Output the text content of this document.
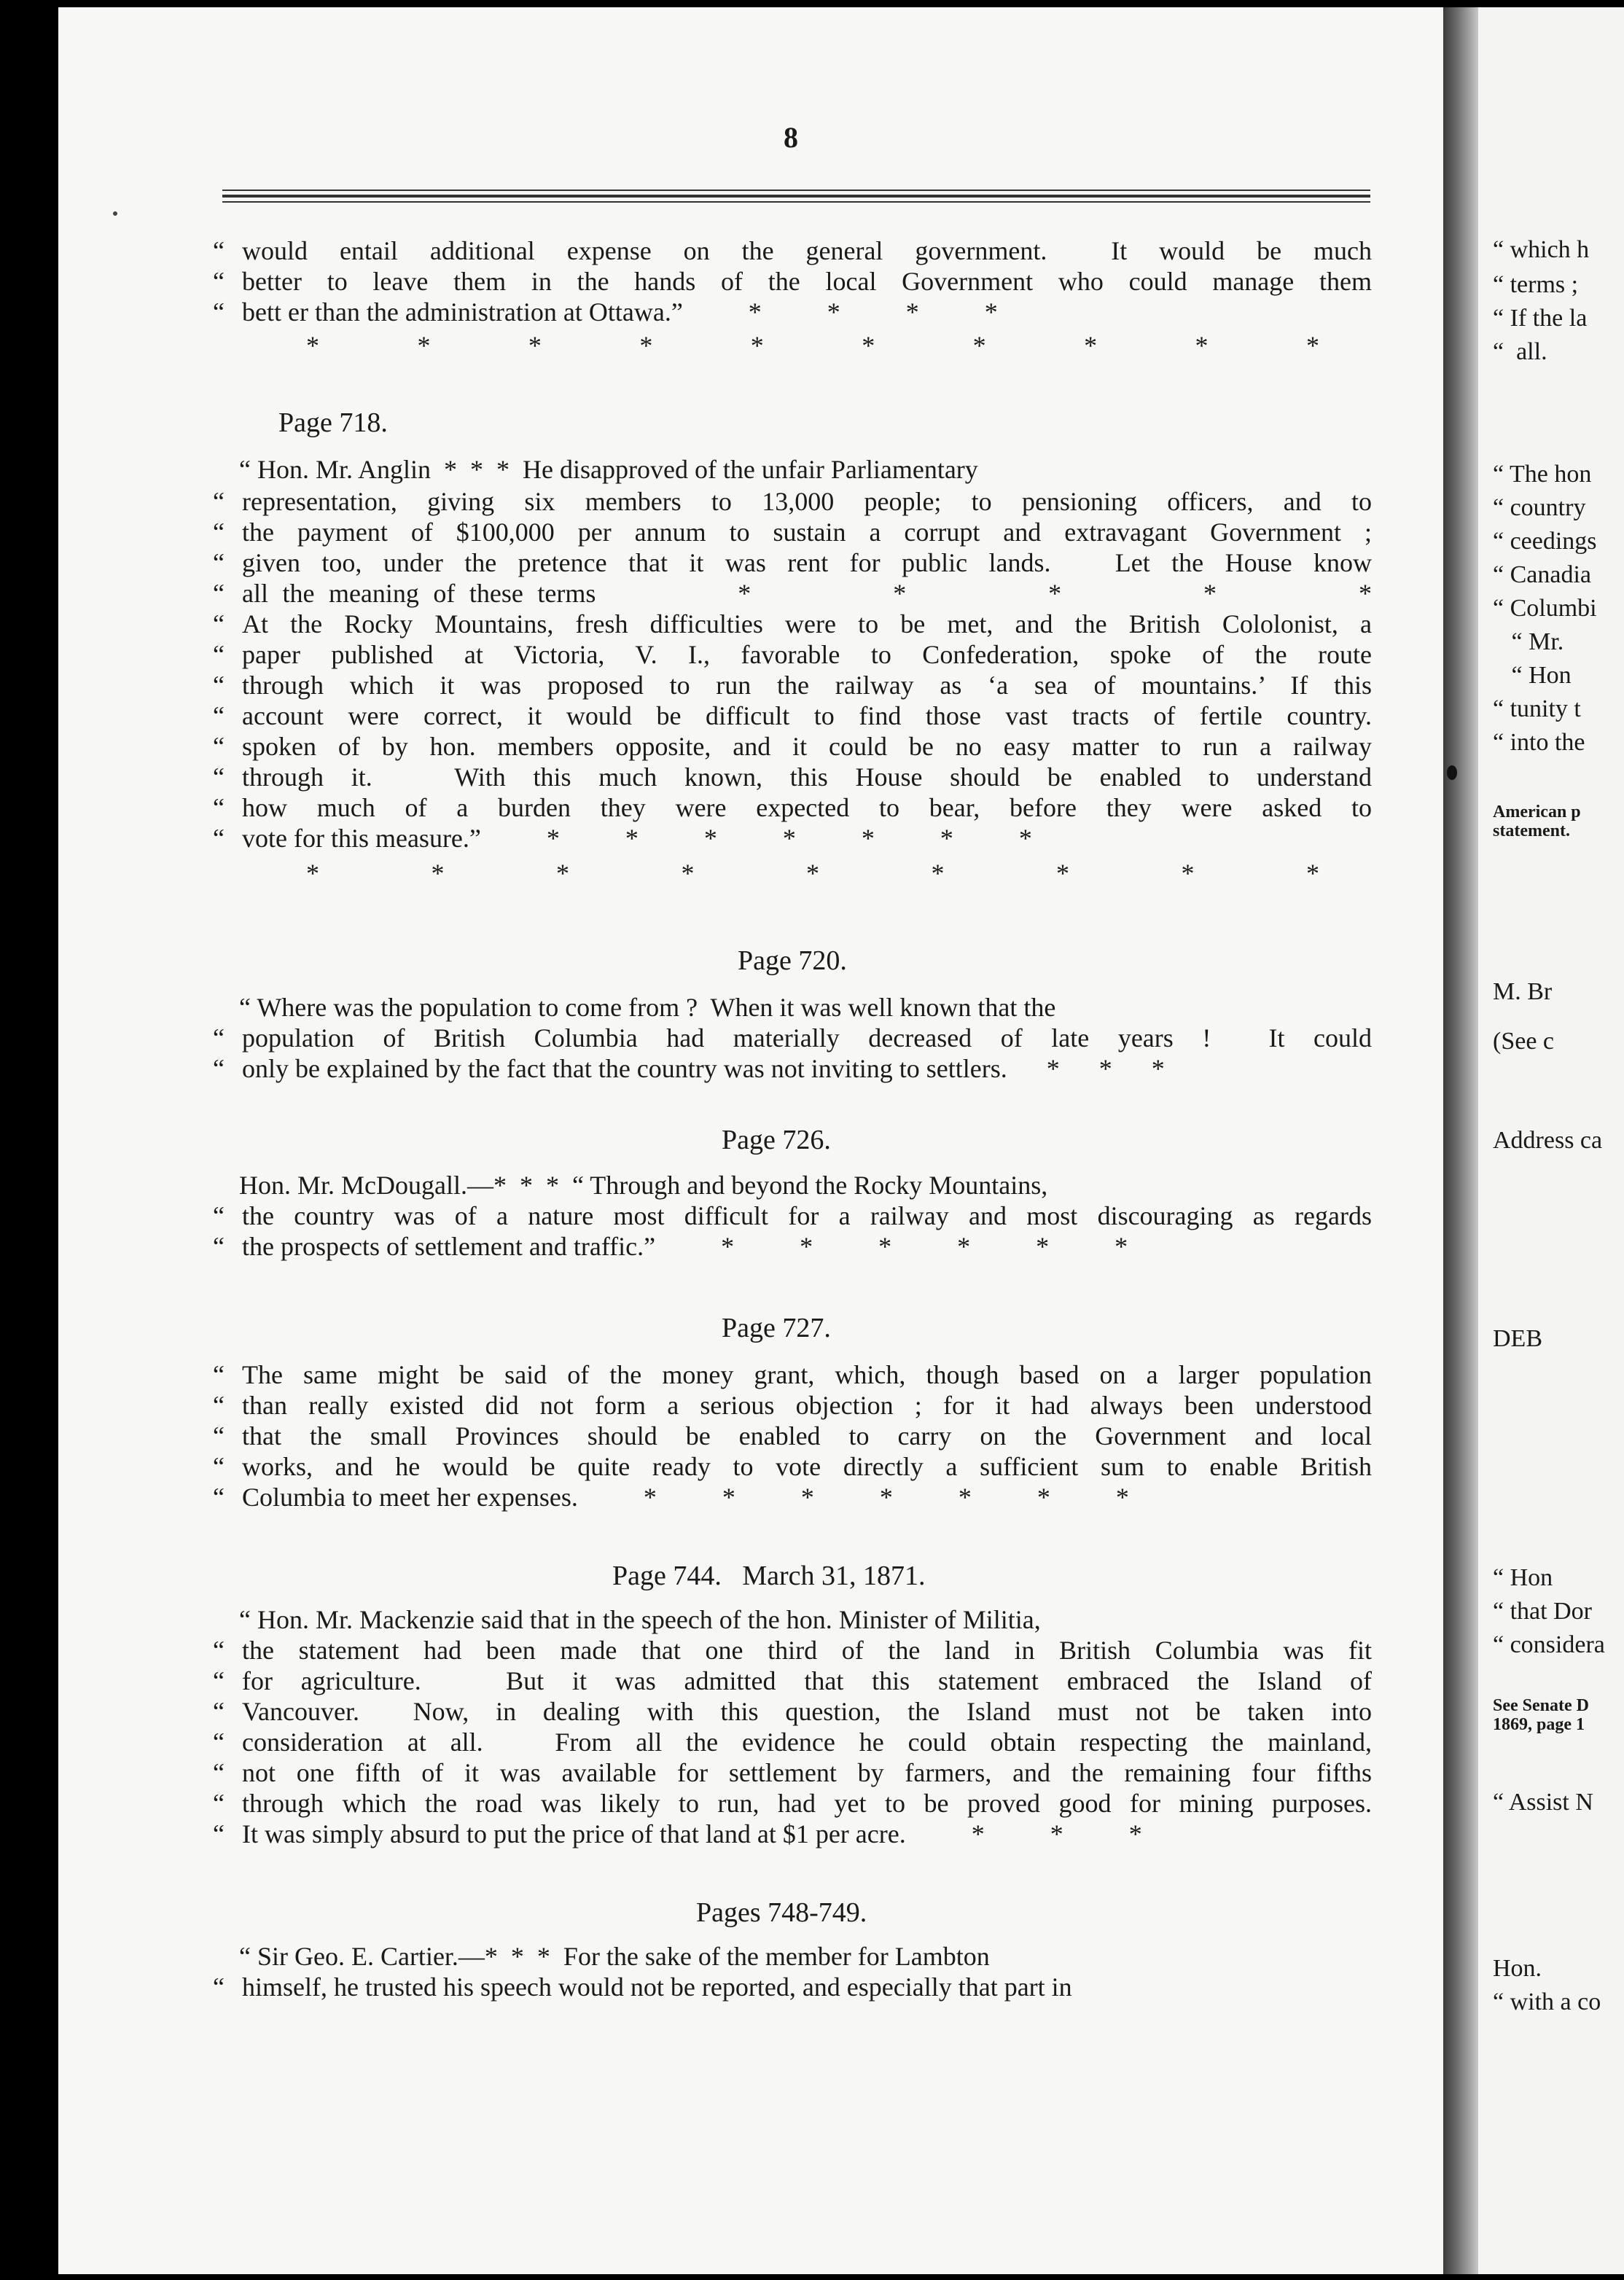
8
“ would entail additional expense on the general government.  It would be much
“ better to leave them in the hands of the local Government who could manage them
“ bett er than the administration at Ottawa.”          *          *          *          *
*	*	*	*	*	*	*	*	*	*
Page 718.
“ Hon. Mr. Anglin  *  *  *  He disapproved of the unfair Parliamentary
“ representation, giving six members to 13,000 people; to pensioning officers, and to
“ the payment of $100,000 per annum to sustain a corrupt and extravagant Government ;
“ given too, under the pretence that it was rent for public lands.   Let the House know
“ all the meaning of these terms          *          *          *          *          *
“ At the Rocky Mountains, fresh difficulties were to be met, and the British Cololonist, a
“ paper published at Victoria, V. I., favorable to Confederation, spoke of the route
“ through which it was proposed to run the railway as ‘a sea of mountains.’ If this
“ account were correct, it would be difficult to find those vast tracts of fertile country.
“ spoken of by hon. members opposite, and it could be no easy matter to run a railway
“ through it.   With this much known, this House should be enabled to understand
“ how much of a burden they were expected to bear, before they were asked to
“ vote for this measure.”          *          *          *          *          *          *          *
*	*	*	*	*	*	*	*	*
Page 720.
“ Where was the population to come from ?  When it was well known that the
“ population of British Columbia had materially decreased of late years !  It could
“ only be explained by the fact that the country was not inviting to settlers.      *      *      *
Page 726.
Hon. Mr. McDougall.—*  *  *  “ Through and beyond the Rocky Mountains,
“ the country was of a nature most difficult for a railway and most discouraging as regards
“ the prospects of settlement and traffic.”          *          *          *          *          *          *
Page 727.
“ The same might be said of the money grant, which, though based on a larger population
“ than really existed did not form a serious objection ; for it had always been understood
“ that the small Provinces should be enabled to carry on the Government and local
“ works, and he would be quite ready to vote directly a sufficient sum to enable British
“ Columbia to meet her expenses.          *          *          *          *          *          *          *
Page 744.   March 31, 1871.
“ Hon. Mr. Mackenzie said that in the speech of the hon. Minister of Militia,
“ the statement had been made that one third of the land in British Columbia was fit
“ for agriculture.   But it was admitted that this statement embraced the Island of
“ Vancouver.  Now, in dealing with this question, the Island must not be taken into
“ consideration at all.   From all the evidence he could obtain respecting the mainland,
“ not one fifth of it was available for settlement by farmers, and the remaining four fifths
“ through which the road was likely to run, had yet to be proved good for mining purposes.
“ It was simply absurd to put the price of that land at $1 per acre.          *          *          *
Pages 748-749.
“ Sir Geo. E. Cartier.—*  *  *  For the sake of the member for Lambton
“ himself, he trusted his speech would not be reported, and especially that part in
“ which h
“ terms ;
“ If the la
“  all.
“ The hon
“ country
“ ceedings
“ Canadia
“ Columbi
“ Mr.
“ Hon
“ tunity t
“ into the
American p
statement.
M. Br
(See c
Address ca
DEB
“ Hon
“ that Dor
“ considera
See Senate D
1869, page 1
“ Assist N
Hon.
“ with a co
